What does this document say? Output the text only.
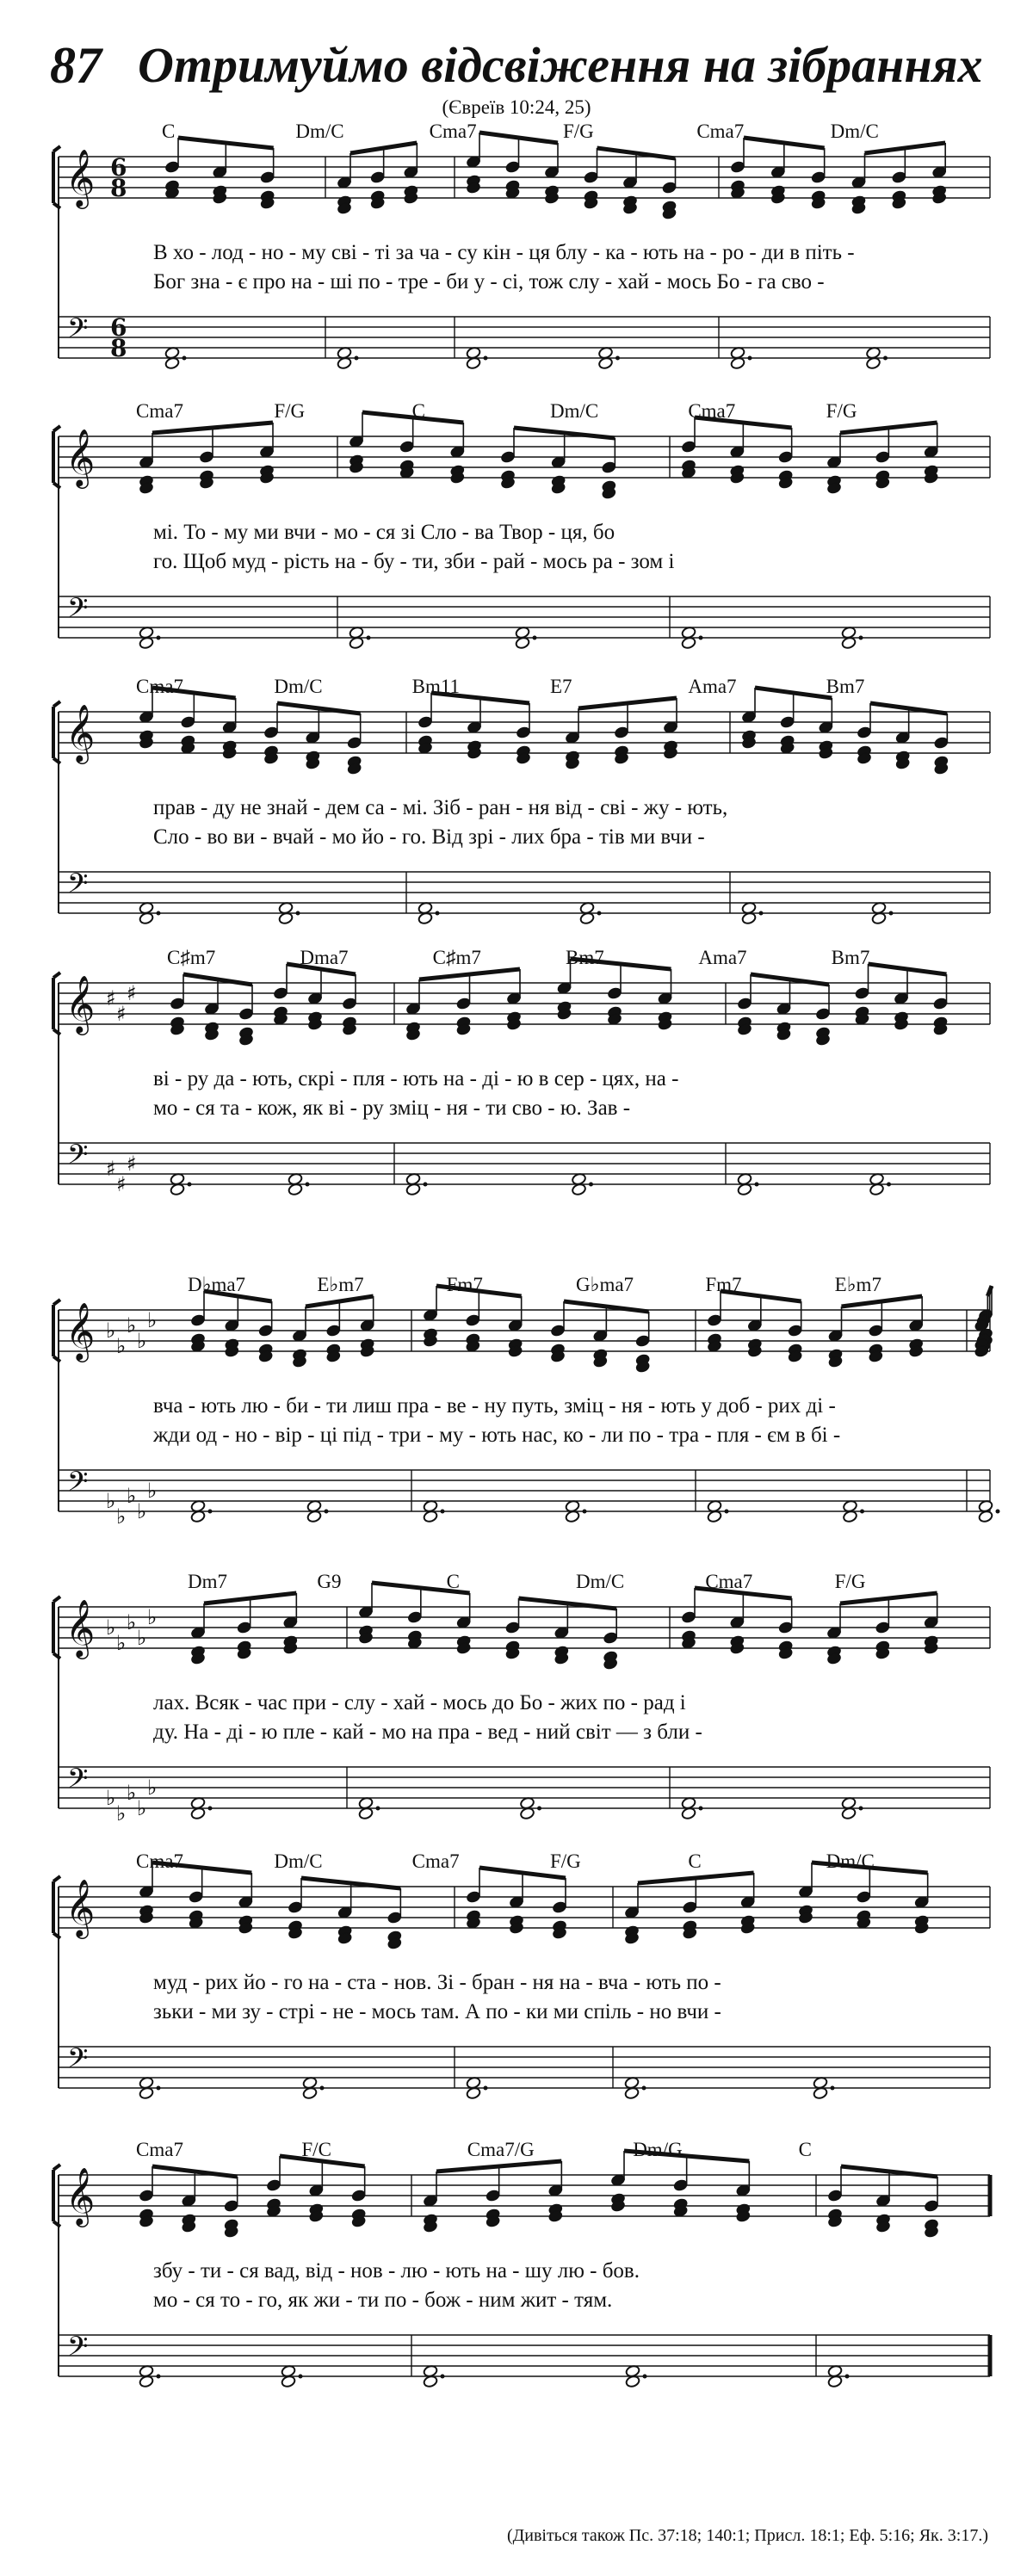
87 Отримуймо відсвіження на зібраннях
(Євреїв 10:24, 25)
𝄞
𝄢
6
8
6
8
𝄞
𝄢
𝄞
𝄢
𝄞
𝄢
♯
♯
♯
♯
♯
♯
𝄞
𝄢
♭
♭
♭
♭
♭
♭
♭
♭
♭
♭
𝄞
𝄢
♭
♭
♭
♭
♭
♭
♭
♭
♭
♭
𝄞
𝄢
𝄞
𝄢
C	Dm/C	Cma7	F/G	Cma7	Dm/C
В хо - лод - но - му сві - ті за ча - су кін - ця блу - ка - ють на - ро - ди в піть -
Бог зна - є про на - ші по - тре - би у - сі, тож слу - хай - мось Бо - га сво -
Cma7	F/G	C	Dm/C	Cma7	F/G
мі. То - му ми вчи - мо - ся зі Сло - ва Твор - ця, бо
го. Щоб муд - рість на - бу - ти, зби - рай - мось ра - зом і
Cma7	Dm/C	Bm11	E7	Ama7	Bm7
прав - ду не знай - дем са - мі. Зіб - ран - ня від - сві - жу - ють,
Сло - во ви - вчай - мо йо - го. Від зрі - лих бра - тів ми вчи -
C♯m7	Dma7	C♯m7	Bm7	Ama7	Bm7
ві - ру да - ють, скрі - пля - ють на - ді - ю в сер - цях, на -
мо - ся та - кож, як ві - ру зміц - ня - ти сво - ю. Зав -
D♭ma7	E♭m7	Fm7	G♭ma7	Fm7	E♭m7
вча - ють лю - би - ти лиш пра - ве - ну путь, зміц - ня - ють у доб - рих ді -
жди од - но - вір - ці під - три - му - ють нас, ко - ли по - тра - пля - єм в бі -
Dm7	G9	C	Dm/C	Cma7	F/G
лах. Всяк - час при - слу - хай - мось до Бо - жих по - рад і
ду. На - ді - ю пле - кай - мо на пра - вед - ний світ — з бли -
Cma7	Dm/C	Cma7	F/G	C	Dm/C
муд - рих йо - го на - ста - нов. Зі - бран - ня на - вча - ють по -
зьки - ми зу - стрі - не - мось там. А по - ки ми спіль - но вчи -
Cma7	F/C	Cma7/G	Dm/G	C
збу - ти - ся вад, від - нов - лю - ють на - шу лю - бов.
мо - ся то - го, як жи - ти по - бож - ним жит - тям.
(Дивіться також Пс. 37:18; 140:1; Присл. 18:1; Еф. 5:16; Як. 3:17.)
